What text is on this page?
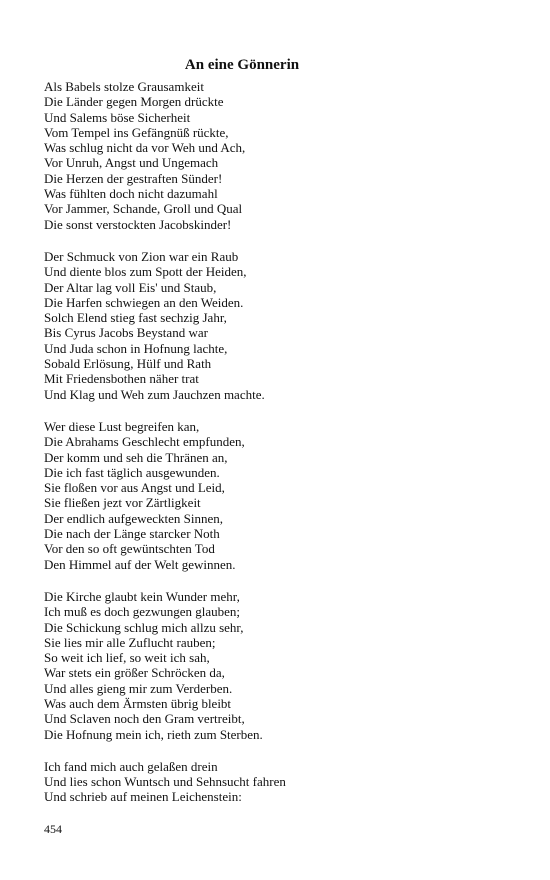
An eine Gönnerin
Als Babels stolze Grausamkeit
Die Länder gegen Morgen drückte
Und Salems böse Sicherheit
Vom Tempel ins Gefängnüß rückte,
Was schlug nicht da vor Weh und Ach,
Vor Unruh, Angst und Ungemach
Die Herzen der gestraften Sünder!
Was fühlten doch nicht dazumahl
Vor Jammer, Schande, Groll und Qual
Die sonst verstockten Jacobskinder!
Der Schmuck von Zion war ein Raub
Und diente blos zum Spott der Heiden,
Der Altar lag voll Eis' und Staub,
Die Harfen schwiegen an den Weiden.
Solch Elend stieg fast sechzig Jahr,
Bis Cyrus Jacobs Beystand war
Und Juda schon in Hofnung lachte,
Sobald Erlösung, Hülf und Rath
Mit Friedensbothen näher trat
Und Klag und Weh zum Jauchzen machte.
Wer diese Lust begreifen kan,
Die Abrahams Geschlecht empfunden,
Der komm und seh die Thränen an,
Die ich fast täglich ausgewunden.
Sie floßen vor aus Angst und Leid,
Sie fließen jezt vor Zärtligkeit
Der endlich aufgeweckten Sinnen,
Die nach der Länge starcker Noth
Vor den so oft gewüntschten Tod
Den Himmel auf der Welt gewinnen.
Die Kirche glaubt kein Wunder mehr,
Ich muß es doch gezwungen glauben;
Die Schickung schlug mich allzu sehr,
Sie lies mir alle Zuflucht rauben;
So weit ich lief, so weit ich sah,
War stets ein größer Schröcken da,
Und alles gieng mir zum Verderben.
Was auch dem Ärmsten übrig bleibt
Und Sclaven noch den Gram vertreibt,
Die Hofnung mein ich, rieth zum Sterben.
Ich fand mich auch gelaßen drein
Und lies schon Wuntsch und Sehnsucht fahren
Und schrieb auf meinen Leichenstein:
454
